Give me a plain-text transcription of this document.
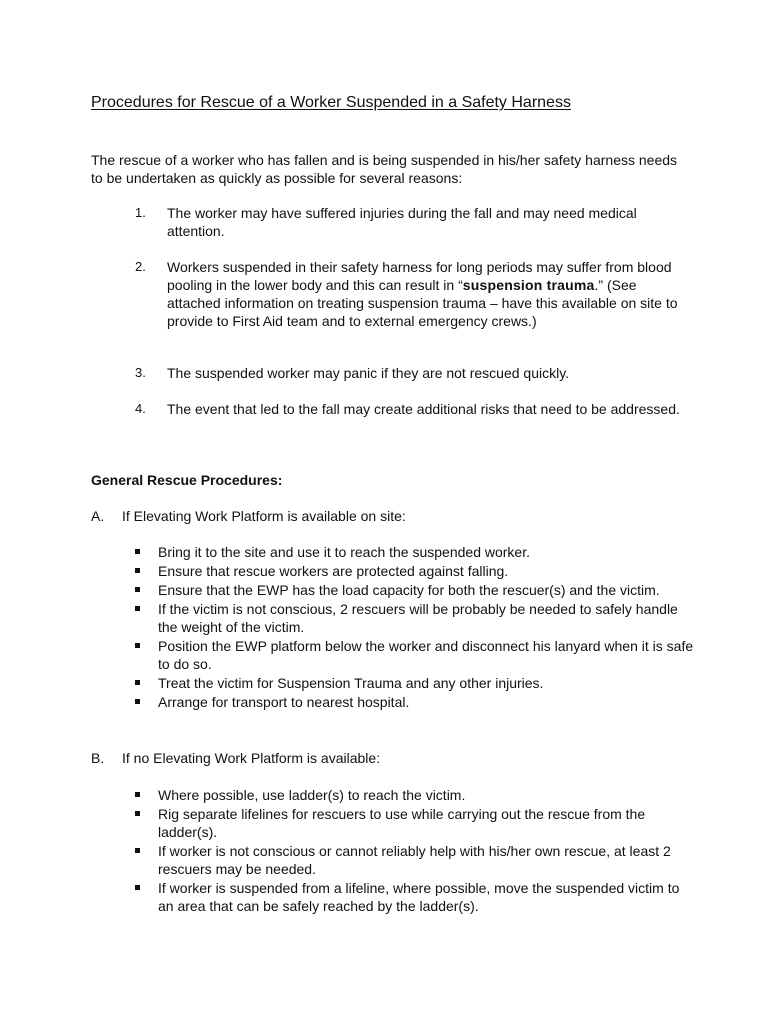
Procedures for Rescue of a Worker Suspended in a Safety Harness
The rescue of a worker who has fallen and is being suspended in his/her safety harness needs to be undertaken as quickly as possible for several reasons:
1. The worker may have suffered injuries during the fall and may need medical attention.
2. Workers suspended in their safety harness for long periods may suffer from blood pooling in the lower body and this can result in “suspension trauma.” (See attached information on treating suspension trauma – have this available on site to provide to First Aid team and to external emergency crews.)
3. The suspended worker may panic if they are not rescued quickly.
4. The event that led to the fall may create additional risks that need to be addressed.
General Rescue Procedures:
A. If Elevating Work Platform is available on site:
Bring it to the site and use it to reach the suspended worker.
Ensure that rescue workers are protected against falling.
Ensure that the EWP has the load capacity for both the rescuer(s) and the victim.
If the victim is not conscious, 2 rescuers will be probably be needed to safely handle the weight of the victim.
Position the EWP platform below the worker and disconnect his lanyard when it is safe to do so.
Treat the victim for Suspension Trauma and any other injuries.
Arrange for transport to nearest hospital.
B. If no Elevating Work Platform is available:
Where possible, use ladder(s) to reach the victim.
Rig separate lifelines for rescuers to use while carrying out the rescue from the ladder(s).
If worker is not conscious or cannot reliably help with his/her own rescue, at least 2 rescuers may be needed.
If worker is suspended from a lifeline, where possible, move the suspended victim to an area that can be safely reached by the ladder(s).
